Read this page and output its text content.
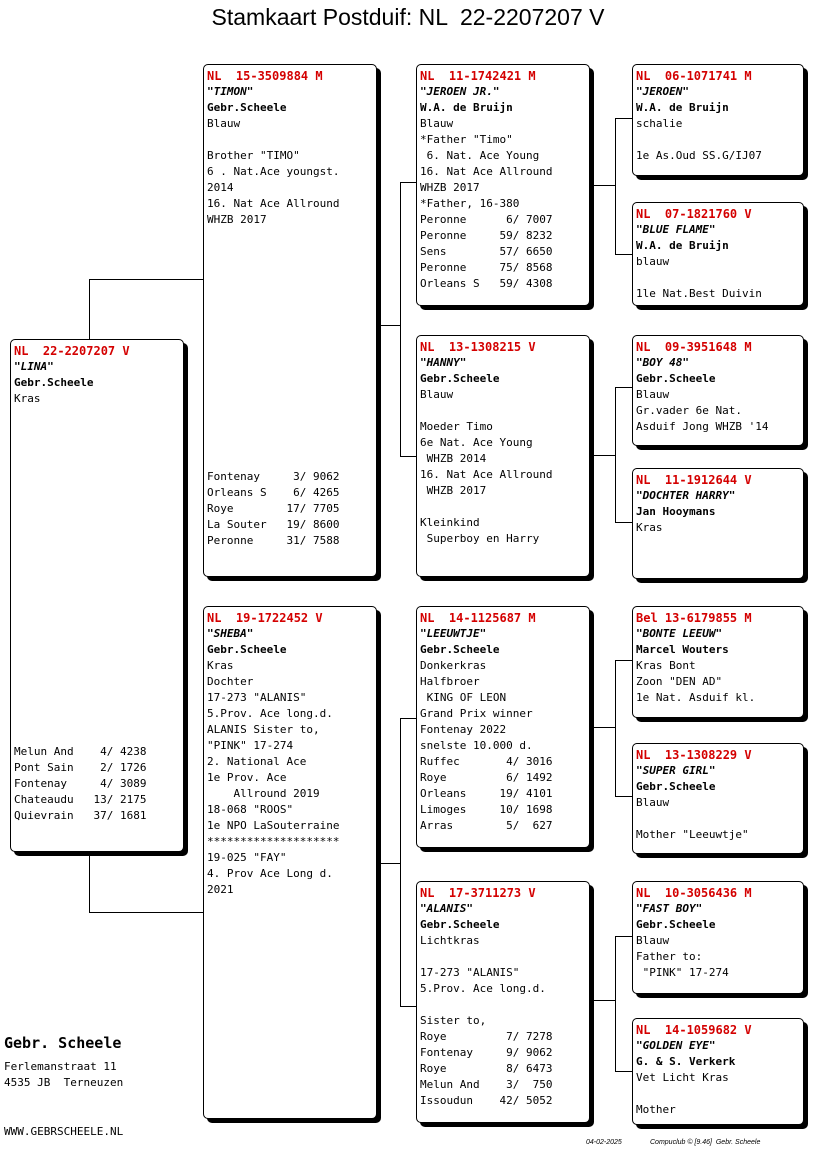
Stamkaart Postduif: NL  22-2207207 V
NL  22-2207207 V
"LINA"
Gebr.Scheele
Kras
Melun And    4/ 4238
Pont Sain    2/ 1726
Fontenay     4/ 3089
Chateaudu   13/ 2175
Quievrain   37/ 1681
NL  15-3509884 M
"TIMON"
Gebr.Scheele
Blauw
Brother "TIMO"
6 . Nat.Ace youngst.
2014
16. Nat Ace Allround
WHZB 2017
Fontenay     3/ 9062
Orleans S    6/ 4265
Roye        17/ 7705
La Souter   19/ 8600
Peronne     31/ 7588
NL  19-1722452 V
"SHEBA"
Gebr.Scheele
Kras
Dochter
17-273 "ALANIS"
5.Prov. Ace long.d.
ALANIS Sister to,
"PINK" 17-274
2. National Ace
1e Prov. Ace
Allround 2019
18-068 "ROOS"
1e NPO LaSouterraine
********************
19-025 "FAY"
4. Prov Ace Long d.
2021
NL  11-1742421 M
"JEROEN JR."
W.A. de Bruijn
Blauw
*Father "Timo"
6. Nat. Ace Young
16. Nat Ace Allround
WHZB 2017
*Father, 16-380
Peronne      6/ 7007
Peronne     59/ 8232
Sens        57/ 6650
Peronne     75/ 8568
Orleans S   59/ 4308
NL  13-1308215 V
"HANNY"
Gebr.Scheele
Blauw
Moeder Timo
6e Nat. Ace Young
WHZB 2014
16. Nat Ace Allround
WHZB 2017
Kleinkind
Superboy en Harry
NL  14-1125687 M
"LEEUWTJE"
Gebr.Scheele
Donkerkras
Halfbroer
KING OF LEON
Grand Prix winner
Fontenay 2022
snelste 10.000 d.
Ruffec       4/ 3016
Roye         6/ 1492
Orleans     19/ 4101
Limoges     10/ 1698
Arras        5/  627
NL  17-3711273 V
"ALANIS"
Gebr.Scheele
Lichtkras
17-273 "ALANIS"
5.Prov. Ace long.d.
Sister to,
Roye         7/ 7278
Fontenay     9/ 9062
Roye         8/ 6473
Melun And    3/  750
Issoudun    42/ 5052
NL  06-1071741 M
"JEROEN"
W.A. de Bruijn
schalie
1e As.Oud SS.G/IJ07
NL  07-1821760 V
"BLUE FLAME"
W.A. de Bruijn
blauw
1le Nat.Best Duivin
NL  09-3951648 M
"BOY 48"
Gebr.Scheele
Blauw
Gr.vader 6e Nat.
Asduif Jong WHZB '14
NL  11-1912644 V
"DOCHTER HARRY"
Jan Hooymans
Kras
Bel 13-6179855 M
"BONTE LEEUW"
Marcel Wouters
Kras Bont
Zoon "DEN AD"
1e Nat. Asduif kl.
NL  13-1308229 V
"SUPER GIRL"
Gebr.Scheele
Blauw
Mother "Leeuwtje"
NL  10-3056436 M
"FAST BOY"
Gebr.Scheele
Blauw
Father to:
"PINK" 17-274
NL  14-1059682 V
"GOLDEN EYE"
G. & S. Verkerk
Vet Licht Kras
Mother
Gebr. Scheele
Ferlemanstraat 11
4535 JB  Terneuzen
WWW.GEBRSCHEELE.NL
04-02-2025	Compuclub © [9.46]  Gebr. Scheele
